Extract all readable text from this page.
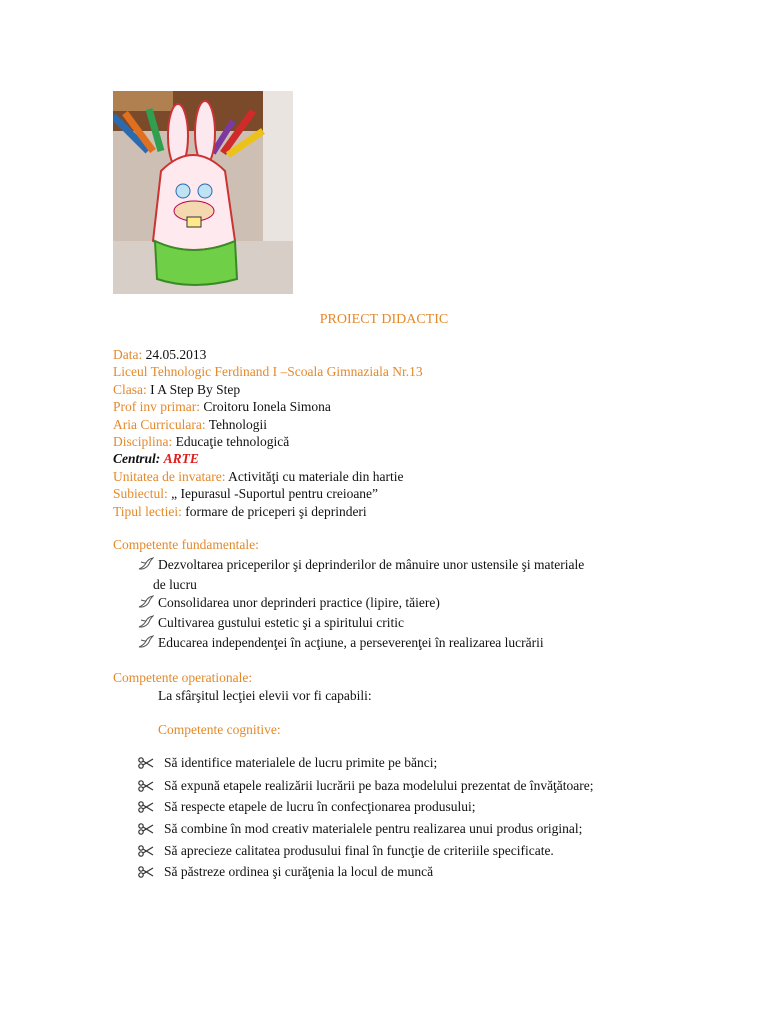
PROIECT DIDACTIC
Data: 24.05.2013
Liceul Tehnologic Ferdinand I –Scoala Gimnaziala Nr.13
Clasa: I A Step By Step
Prof inv primar: Croitoru Ionela Simona
Aria Curriculara: Tehnologii
Disciplina: Educaţie tehnologică
Centrul: ARTE
Unitatea de invatare: Activităţi cu materiale din hartie
Subiectul: „ Iepurasul -Suportul pentru creioane”
Tipul lectiei: formare de priceperi şi deprinderi
Competente fundamentale:
Dezvoltarea priceperilor şi deprinderilor de mânuire unor ustensile şi materiale
de lucru
Consolidarea unor deprinderi practice (lipire, tăiere)
Cultivarea gustului estetic şi a spiritului critic
Educarea independenţei în acţiune, a perseverenţei în realizarea lucrării
Competente operationale:
La sfârşitul lecţiei elevii vor fi capabili:
Competente cognitive:
Să identifice materialele de lucru primite pe bănci;
Să expună etapele realizării lucrării pe baza modelului prezentat de învăţătoare;
Să respecte etapele de lucru în confecţionarea produsului;
Să combine în mod creativ materialele pentru realizarea unui produs original;
Să aprecieze calitatea produsului final în funcţie de criteriile specificate.
Să păstreze ordinea şi curăţenia la locul de muncă
